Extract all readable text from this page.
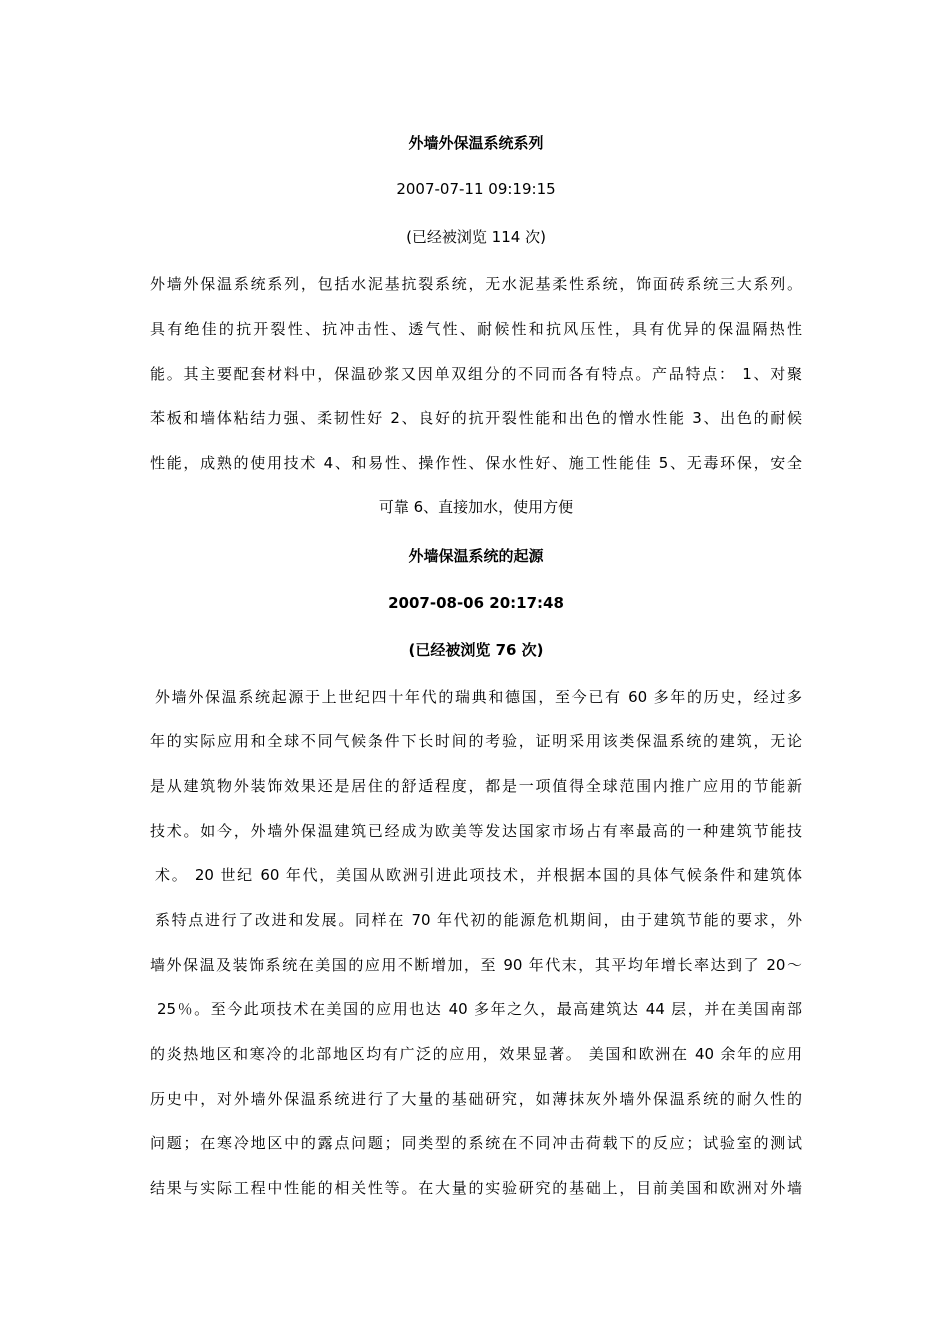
外墙外保温系统系列
2007-07-11 09:19:15
(已经被浏览 114 次)
外墙外保温系统系列，包括水泥基抗裂系统，无水泥基柔性系统，饰面砖系统三大系列。
具有绝佳的抗开裂性、抗冲击性、透气性、耐候性和抗风压性，具有优异的保温隔热性
能。其主要配套材料中，保温砂浆又因单双组分的不同而各有特点。产品特点： 1、对聚
苯板和墙体粘结力强、柔韧性好 2、良好的抗开裂性能和出色的憎水性能 3、出色的耐候
性能，成熟的使用技术 4、和易性、操作性、保水性好、施工性能佳 5、无毒环保，安全
可靠 6、直接加水，使用方便
外墙保温系统的起源
2007-08-06 20:17:48
(已经被浏览 76 次)
外墙外保温系统起源于上世纪四十年代的瑞典和德国，至今已有 60 多年的历史，经过多
年的实际应用和全球不同气候条件下长时间的考验，证明采用该类保温系统的建筑，无论
是从建筑物外装饰效果还是居住的舒适程度，都是一项值得全球范围内推广应用的节能新
技术。如今，外墙外保温建筑已经成为欧美等发达国家市场占有率最高的一种建筑节能技
术。 20 世纪 60 年代，美国从欧洲引进此项技术，并根据本国的具体气候条件和建筑体
系特点进行了改进和发展。同样在 70 年代初的能源危机期间，由于建筑节能的要求，外
墙外保温及装饰系统在美国的应用不断增加，至 90 年代末，其平均年增长率达到了 20～
25％。至今此项技术在美国的应用也达 40 多年之久，最高建筑达 44 层，并在美国南部
的炎热地区和寒冷的北部地区均有广泛的应用，效果显著。 美国和欧洲在 40 余年的应用
历史中，对外墙外保温系统进行了大量的基础研究，如薄抹灰外墙外保温系统的耐久性的
问题；在寒冷地区中的露点问题；同类型的系统在不同冲击荷载下的反应；试验室的测试
结果与实际工程中性能的相关性等。在大量的实验研究的基础上，目前美国和欧洲对外墙
